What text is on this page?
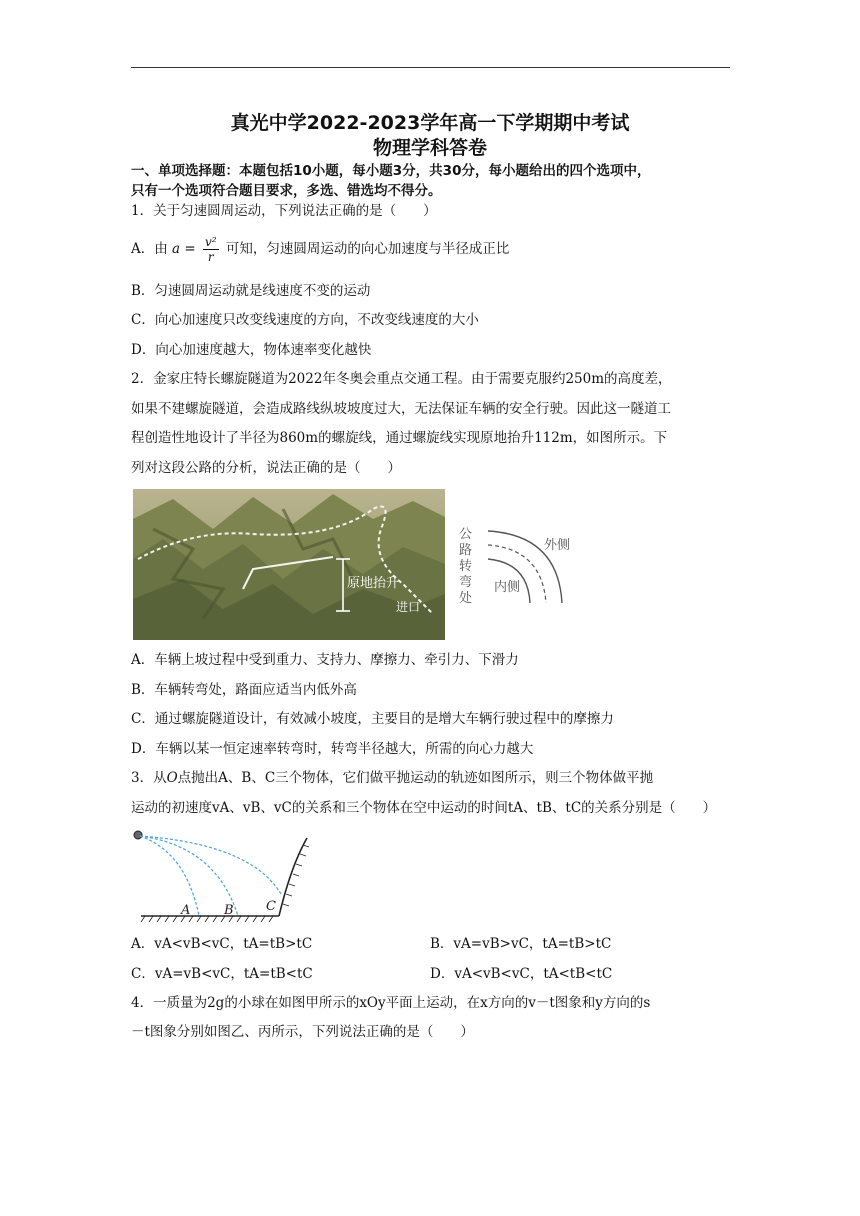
真光中学2022-2023学年高一下学期期中考试
物理学科答卷
一、单项选择题：本题包括10小题，每小题3分，共30分，每小题给出的四个选项中，
只有一个选项符合题目要求，多选、错选均不得分。
1．关于匀速圆周运动，下列说法正确的是（　　）
A．由 $a = \frac{\text{v²}}{r}$ 可知，匀速圆周运动的向心加速度与半径成正比
B．匀速圆周运动就是线速度不变的运动
C．向心加速度只改变线速度的方向，不改变线速度的大小
D．向心加速度越大，物体速率变化越快
2．金家庄特长螺旋隧道为2022年冬奥会重点交通工程。由于需要克服约250m的高度差，
如果不建螺旋隧道，会造成路线纵坡坡度过大，无法保证车辆的安全行驶。因此这一隧道工
程创造性地设计了半径为860m的螺旋线，通过螺旋线实现原地抬升112m，如图所示。下
列对这段公路的分析，说法正确的是（　　）
原地抬升
进口
外侧
内侧
公路转弯处
A．车辆上坡过程中受到重力、支持力、摩擦力、牵引力、下滑力
B．车辆转弯处，路面应适当内低外高
C．通过螺旋隧道设计，有效减小坡度，主要目的是增大车辆行驶过程中的摩擦力
D．车辆以某一恒定速率转弯时，转弯半径越大，所需的向心力越大
3．从O点抛出A、B、C三个物体，它们做平抛运动的轨迹如图所示，则三个物体做平抛
运动的初速度vA、vB、vC的关系和三个物体在空中运动的时间tA、tB、tC的关系分别是（　　）
A	B C
A．vA<vB<vC，tA=tB>tC	B．vA=vB>vC，tA=tB>tC
C．vA=vB<vC，tA=tB<tC	D．vA<vB<vC，tA<tB<tC
4．一质量为2g的小球在如图甲所示的xOy平面上运动，在x方向的v－t图象和y方向的s
－t图象分别如图乙、丙所示，下列说法正确的是（　　）
